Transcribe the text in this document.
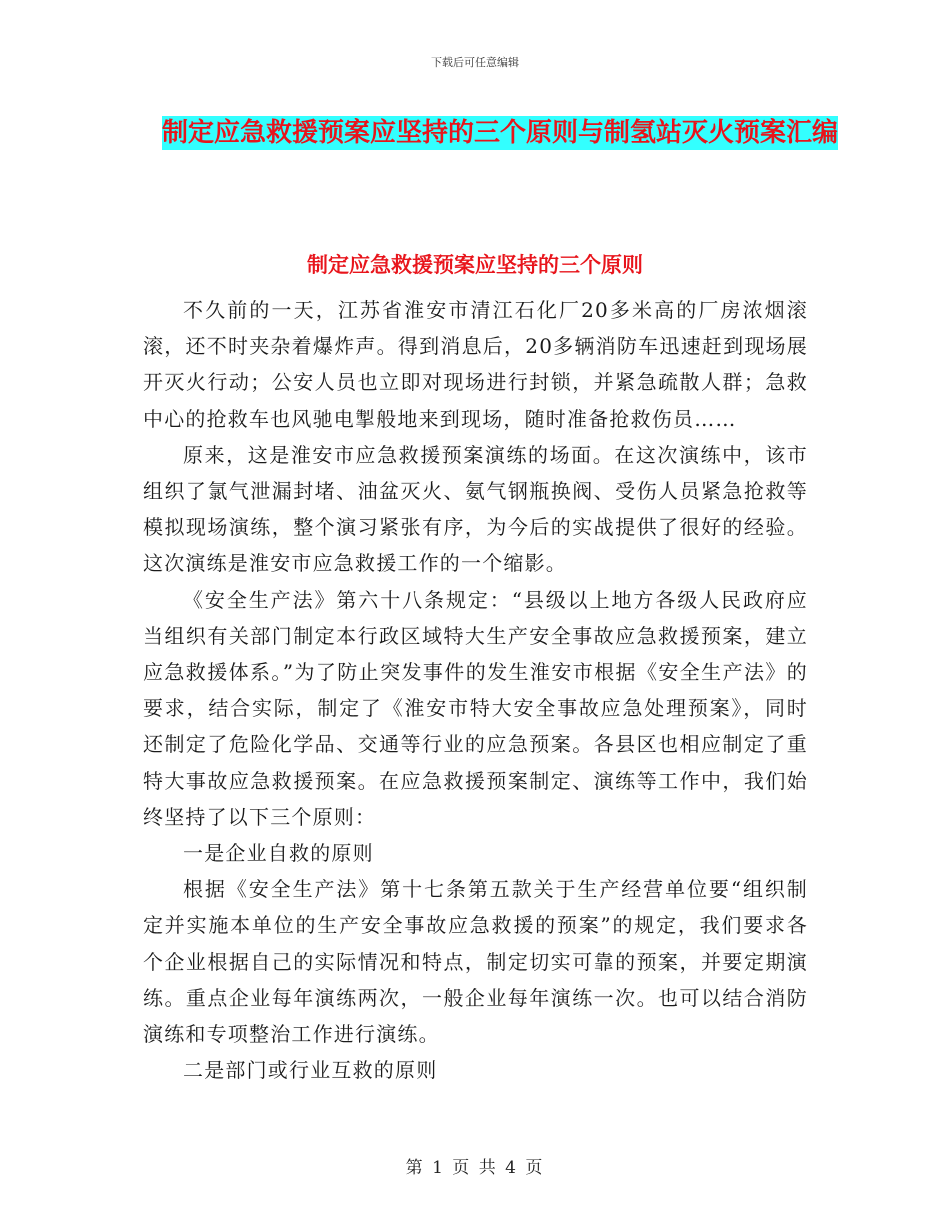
下载后可任意编辑
制定应急救援预案应坚持的三个原则与制氢站灭火预案汇编
制定应急救援预案应坚持的三个原则

不久前的一天，江苏省淮安市清江石化厂20多米高的厂房浓烟滚滚，还不时夹杂着爆炸声。得到消息后，20多辆消防车迅速赶到现场展开灭火行动；公安人员也立即对现场进行封锁，并紧急疏散人群；急救中心的抢救车也风驰电掣般地来到现场，随时准备抢救伤员……

原来，这是淮安市应急救援预案演练的场面。在这次演练中，该市组织了氯气泄漏封堵、油盆灭火、氨气钢瓶换阀、受伤人员紧急抢救等模拟现场演练，整个演习紧张有序，为今后的实战提供了很好的经验。这次演练是淮安市应急救援工作的一个缩影。

《安全生产法》第六十八条规定：“县级以上地方各级人民政府应当组织有关部门制定本行政区域特大生产安全事故应急救援预案，建立应急救援体系。”为了防止突发事件的发生淮安市根据《安全生产法》的要求，结合实际，制定了《淮安市特大安全事故应急处理预案》，同时还制定了危险化学品、交通等行业的应急预案。各县区也相应制定了重特大事故应急救援预案。在应急救援预案制定、演练等工作中，我们始终坚持了以下三个原则：

一是企业自救的原则

根据《安全生产法》第十七条第五款关于生产经营单位要“组织制定并实施本单位的生产安全事故应急救援的预案”的规定，我们要求各个企业根据自己的实际情况和特点，制定切实可靠的预案，并要定期演练。重点企业每年演练两次，一般企业每年演练一次。也可以结合消防演练和专项整治工作进行演练。

二是部门或行业互救的原则

第 1 页 共 4 页
